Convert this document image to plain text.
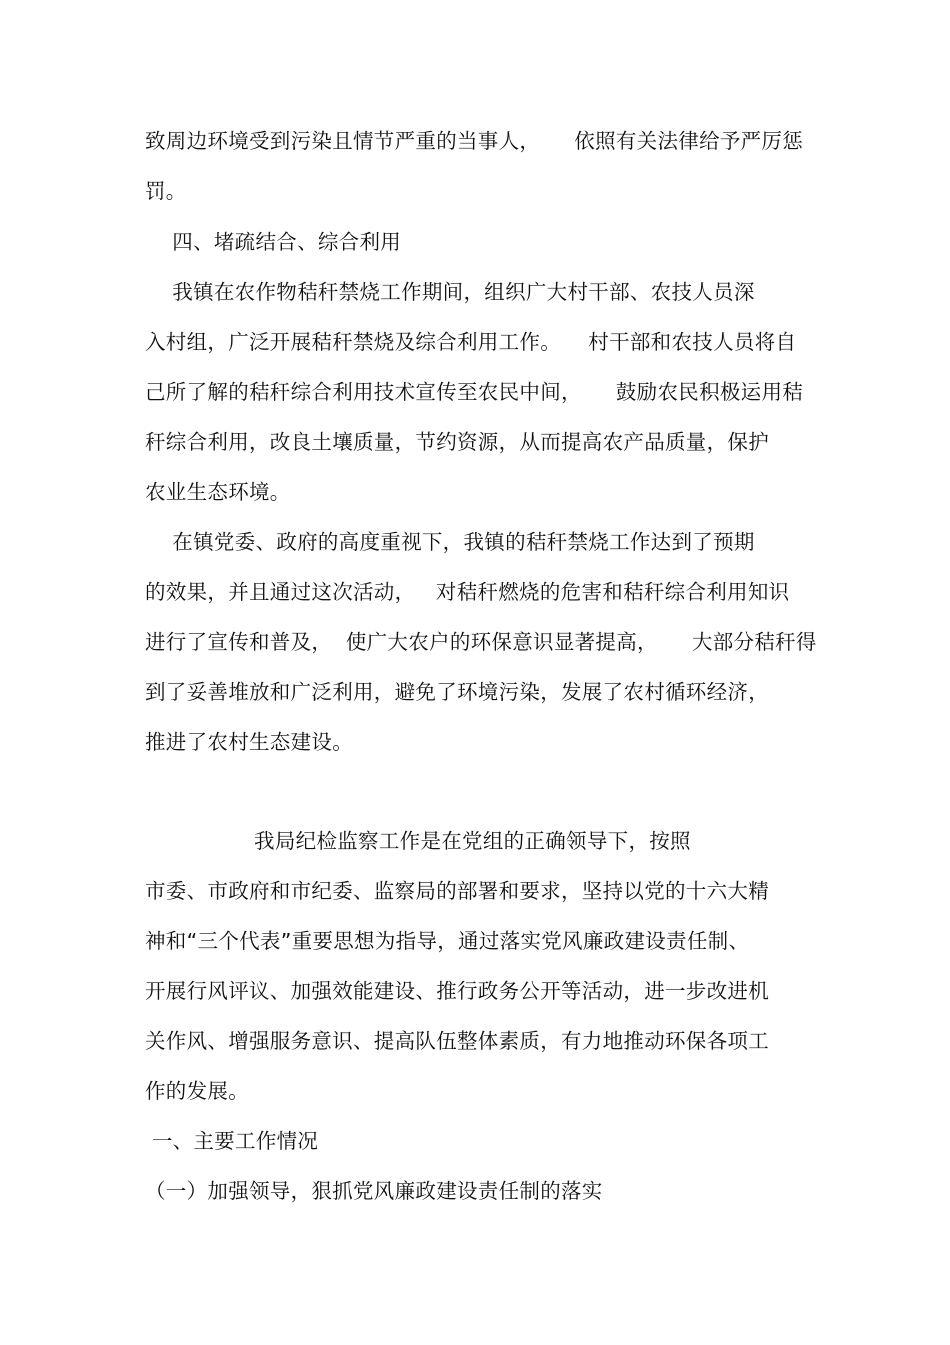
致周边环境受到污染且情节严重的当事人，     依照有关法律给予严厉惩
罚。
四、堵疏结合、综合利用
我镇在农作物秸秆禁烧工作期间，组织广大村干部、农技人员深
入村组，广泛开展秸秆禁烧及综合利用工作。    村干部和农技人员将自
己所了解的秸秆综合利用技术宣传至农民中间，     鼓励农民积极运用秸
秆综合利用，改良土壤质量，节约资源，从而提高农产品质量，保护
农业生态环境。
在镇党委、政府的高度重视下，我镇的秸秆禁烧工作达到了预期
的效果，并且通过这次活动，   对秸秆燃烧的危害和秸秆综合利用知识
进行了宣传和普及，  使广大农户的环保意识显著提高，     大部分秸秆得
到了妥善堆放和广泛利用，避免了环境污染，发展了农村循环经济，
推进了农村生态建设。
我局纪检监察工作是在党组的正确领导下，按照
市委、市政府和市纪委、监察局的部署和要求，坚持以党的十六大精
神和“三个代表”重要思想为指导，通过落实党风廉政建设责任制、
开展行风评议、加强效能建设、推行政务公开等活动，进一步改进机
关作风、增强服务意识、提高队伍整体素质，有力地推动环保各项工
作的发展。
一、主要工作情况
（一）加强领导，狠抓党风廉政建设责任制的落实
